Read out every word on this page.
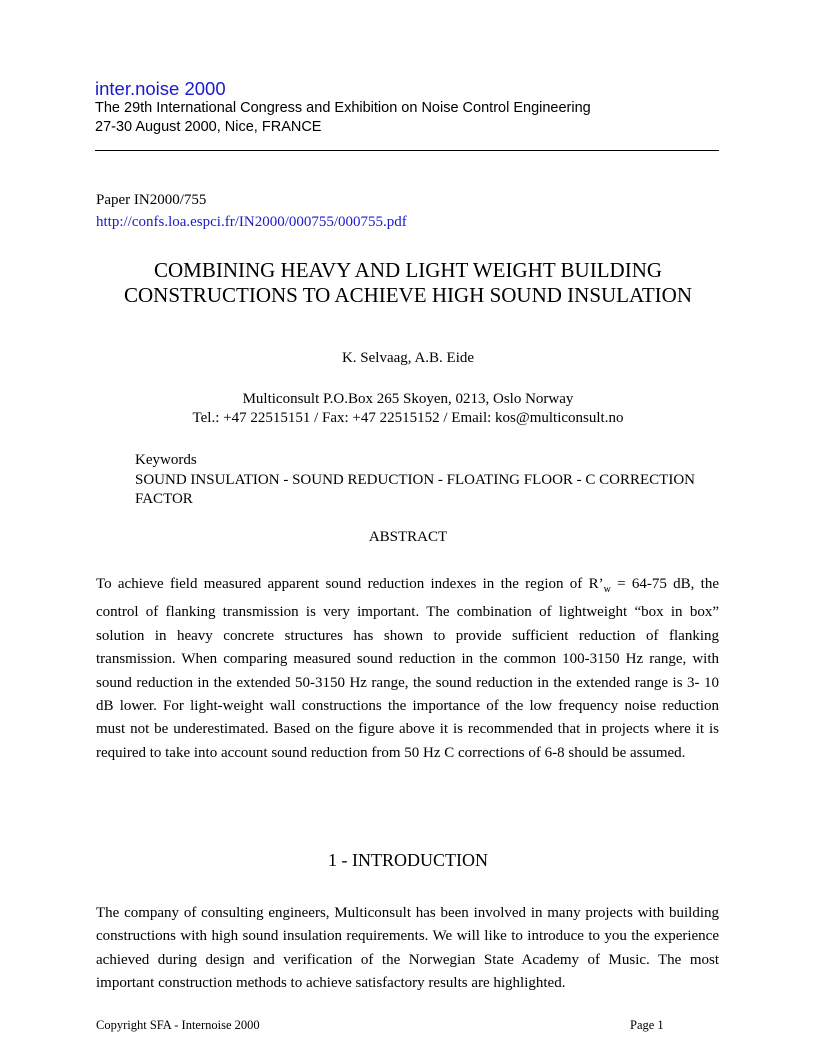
inter.noise 2000
The 29th International Congress and Exhibition on Noise Control Engineering
27-30 August 2000, Nice, FRANCE
Paper IN2000/755
http://confs.loa.espci.fr/IN2000/000755/000755.pdf
COMBINING HEAVY AND LIGHT WEIGHT BUILDING CONSTRUCTIONS TO ACHIEVE HIGH SOUND INSULATION
K. Selvaag, A.B. Eide
Multiconsult P.O.Box 265 Skoyen, 0213, Oslo Norway
Tel.: +47 22515151 / Fax: +47 22515152 / Email: kos@multiconsult.no
Keywords
SOUND INSULATION - SOUND REDUCTION - FLOATING FLOOR - C CORRECTION FACTOR
ABSTRACT
To achieve field measured apparent sound reduction indexes in the region of $R’_w = 64-75$ dB, the control of flanking transmission is very important. The combination of lightweight “box in box” solution in heavy concrete structures has shown to provide sufficient reduction of flanking transmission. When comparing measured sound reduction in the common 100-3150 Hz range, with sound reduction in the extended 50-3150 Hz range, the sound reduction in the extended range is 3- 10 dB lower. For light-weight wall constructions the importance of the low frequency noise reduction must not be underestimated. Based on the figure above it is recommended that in projects where it is required to take into account sound reduction from 50 Hz C corrections of 6-8 should be assumed.
1 - INTRODUCTION
The company of consulting engineers, Multiconsult has been involved in many projects with building constructions with high sound insulation requirements. We will like to introduce to you the experience achieved during design and verification of the Norwegian State Academy of Music. The most important construction methods to achieve satisfactory results are highlighted.
Copyright SFA - Internoise 2000	Page 1
